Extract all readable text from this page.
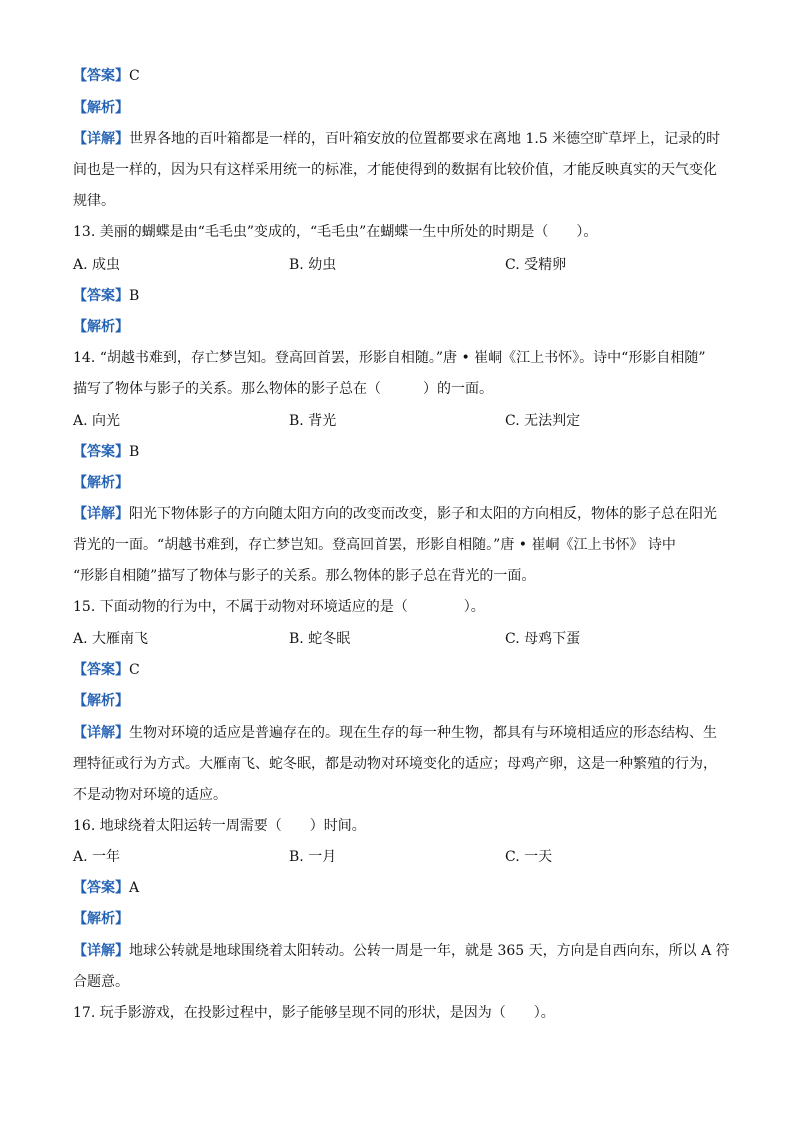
【答案】C
【解析】
【详解】世界各地的百叶箱都是一样的，百叶箱安放的位置都要求在离地 1.5 米德空旷草坪上，记录的时
间也是一样的，因为只有这样采用统一的标准，才能使得到的数据有比较价值，才能反映真实的天气变化
规律。
13. 美丽的蝴蝶是由“毛毛虫”变成的，“毛毛虫”在蝴蝶一生中所处的时期是（　　）。
A. 成虫	B. 幼虫	C. 受精卵
【答案】B
【解析】
14. “胡越书难到，存亡梦岂知。登高回首罢，形影自相随。”唐 • 崔峒《江上书怀》。诗中“形影自相随”
描写了物体与影子的关系。那么物体的影子总在（　　　）的一面。
A. 向光	B. 背光	C. 无法判定
【答案】B
【解析】
【详解】阳光下物体影子的方向随太阳方向的改变而改变，影子和太阳的方向相反，物体的影子总在阳光
背光的一面。“胡越书难到，存亡梦岂知。登高回首罢，形影自相随。”唐 • 崔峒《江上书怀》 诗中
“形影自相随”描写了物体与影子的关系。那么物体的影子总在背光的一面。
15. 下面动物的行为中，不属于动物对环境适应的是（　　　　）。
A. 大雁南飞	B. 蛇冬眠	C. 母鸡下蛋
【答案】C
【解析】
【详解】生物对环境的适应是普遍存在的。现在生存的每一种生物，都具有与环境相适应的形态结构、生
理特征或行为方式。大雁南飞、蛇冬眠，都是动物对环境变化的适应；母鸡产卵，这是一种繁殖的行为，
不是动物对环境的适应。
16. 地球绕着太阳运转一周需要（　　）时间。
A. 一年	B. 一月	C. 一天
【答案】A
【解析】
【详解】地球公转就是地球围绕着太阳转动。公转一周是一年，就是 365 天，方向是自西向东，所以 A 符
合题意。
17. 玩手影游戏，在投影过程中，影子能够呈现不同的形状，是因为（　　）。
